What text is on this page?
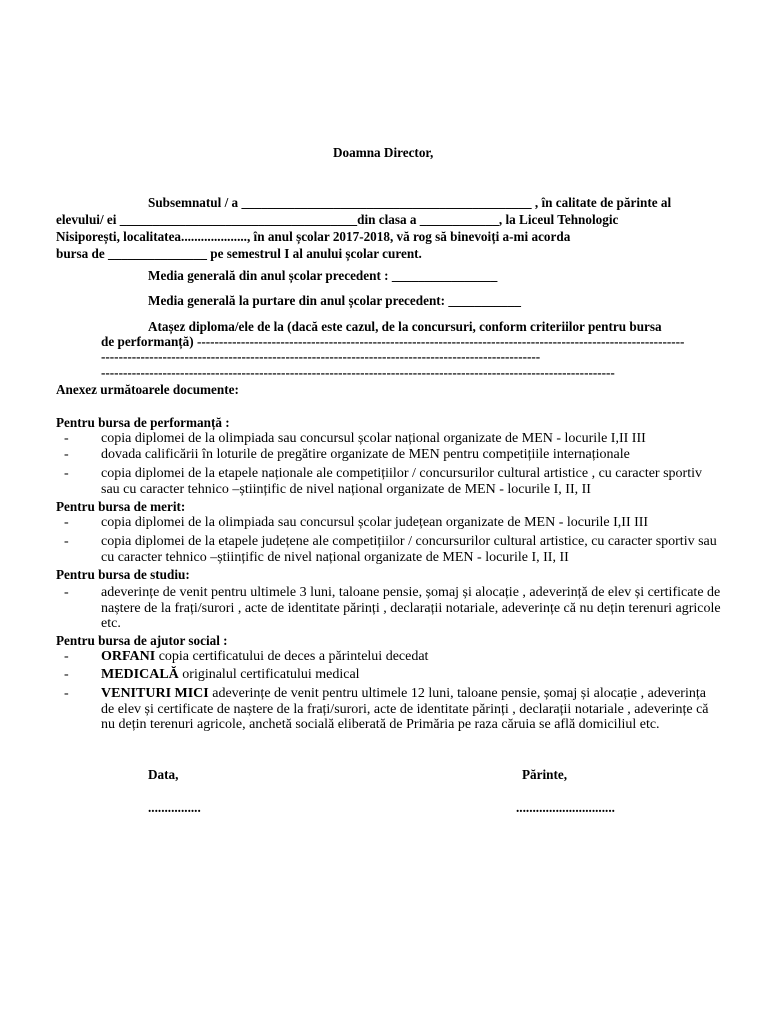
Doamna Director,
Subsemnatul / a ____________________________________________ , în calitate de părinte al
elevului/ ei ____________________________________din clasa a ____________, la Liceul Tehnologic
Nisiporești, localitatea...................., în anul școlar 2017-2018, vă rog să binevoiți a-mi acorda
bursa de _______________ pe semestrul I al anului școlar curent.
Media generală din anul școlar precedent : ________________
Media generală la purtare din anul școlar precedent: ___________
Atașez diploma/ele de la (dacă este cazul, de la concursuri, conform criteriilor pentru bursa
de performanță) ---------------------------------------------------------------------------------------------------------------
----------------------------------------------------------------------------------------------------
---------------------------------------------------------------------------------------------------------------------
Anexez următoarele documente:
Pentru bursa de performanță :
- copia diplomei de la olimpiada sau concursul școlar național organizate de MEN - locurile I,II III
- dovada calificării în loturile de pregătire organizate de MEN pentru competițiile internaționale
- copia diplomei de la etapele naționale ale competițiilor / concursurilor cultural artistice , cu caracter sportiv sau cu caracter tehnico –științific de nivel național organizate de MEN - locurile I, II, II
Pentru bursa de merit:
- copia diplomei de la olimpiada sau concursul școlar județean organizate de MEN - locurile I,II III
- copia diplomei de la etapele județene ale competițiilor / concursurilor cultural artistice, cu caracter sportiv sau cu caracter tehnico –științific de nivel național organizate de MEN - locurile I, II, II
Pentru bursa de studiu:
- adeverințe de venit pentru ultimele 3 luni, taloane pensie, șomaj și alocație , adeverință de elev și certificate de naștere de la frați/surori , acte de identitate părinți , declarații notariale, adeverințe că nu dețin terenuri agricole etc.
Pentru bursa de ajutor social :
- ORFANI copia certificatului de deces a părintelui decedat
- MEDICALĂ originalul certificatului medical
- VENITURI MICI adeverințe de venit pentru ultimele 12 luni, taloane pensie, șomaj și alocație , adeverința de elev și certificate de naștere de la frați/surori, acte de identitate părinți , declarații notariale , adeverințe că nu dețin terenuri agricole, anchetă socială eliberată de Primăria pe raza căruia se află domiciliul etc.
Data,	Părinte,
................	..............................
